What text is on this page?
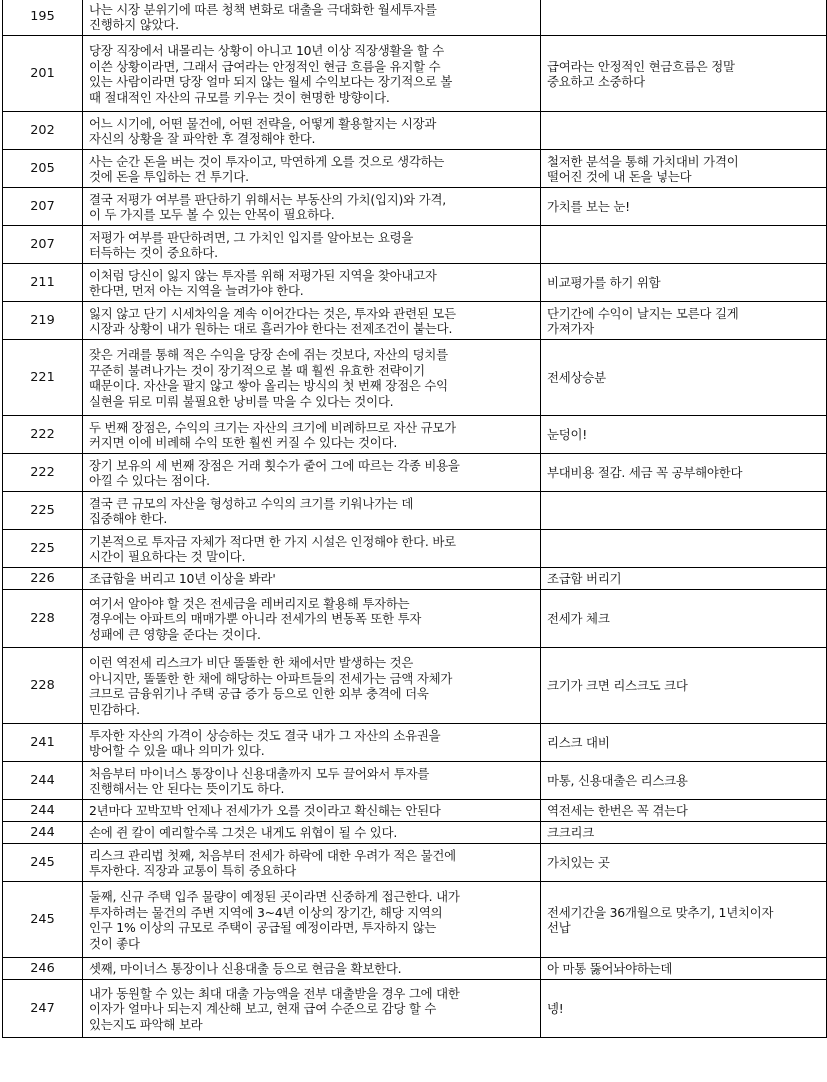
195	나는 시장 분위기에 따른 청책 변화로 대출을 극대화한 월세투자를
진행하지 않았다.	
201	당장 직장에서 내몰리는 상황이 아니고 10년 이상 직장생활을 할 수
이쓴 상황이라면, 그래서 급여라는 안정적인 현금 흐름을 유지할 수
있는 사람이라면 당장 얼마 되지 않는 월세 수익보다는 장기적으로 볼
때 절대적인 자산의 규모를 키우는 것이 현명한 방향이다.	급여라는 안정적인 현금흐름은 정말
중요하고 소중하다
202	어느 시기에, 어떤 물건에, 어떤 전략을, 어떻게 활용할지는 시장과
자신의 상황을 잘 파악한 후 결정해야 한다.	
205	사는 순간 돈을 버는 것이 투자이고, 막연하게 오를 것으로 생각하는
것에 돈을 투입하는 건 투기다.	철저한 분석을 통해 가치대비 가격이
떨어진 것에 내 돈을 넣는다
207	결국 저평가 여부를 판단하기 위해서는 부동산의 가치(입지)와 가격,
이 두 가지를 모두 볼 수 있는 안목이 필요하다.	가치를 보는 눈!
207	저평가 여부를 판단하려면, 그 가치인 입지를 알아보는 요령을
터득하는 것이 중요하다.	
211	이처럼 당신이 잃지 않는 투자를 위해 저평가된 지역을 찾아내고자
한다면, 먼저 아는 지역을 늘려가야 한다.	비교평가를 하기 위함
219	잃지 않고 단기 시세차익을 계속 이어간다는 것은, 투자와 관련된 모든
시장과 상황이 내가 원하는 대로 흘러가야 한다는 전제조건이 붙는다.	단기간에 수익이 날지는 모른다 길게
가져가자
221	잦은 거래를 통해 적은 수익을 당장 손에 쥐는 것보다, 자산의 덩치를
꾸준히 불려나가는 것이 장기적으로 볼 때 훨씬 유효한 전략이기
때문이다. 자산을 팔지 않고 쌓아 올리는 방식의 첫 번째 장점은 수익
실현을 뒤로 미뤄 불필요한 낭비를 막을 수 있다는 것이다.	전세상승분
222	두 번째 장점은, 수익의 크기는 자산의 크기에 비례하므로 자산 규모가
커지면 이에 비례해 수익 또한 훨씬 커질 수 있다는 것이다.	눈덩이!
222	장기 보유의 세 번째 장점은 거래 횟수가 줄어 그에 따르는 각종 비용을
아낄 수 있다는 점이다.	부대비용 절감. 세금 꼭 공부해야한다
225	결국 큰 규모의 자산을 형성하고 수익의 크기를 키워나가는 데
집중해야 한다.	
225	기본적으로 투자금 자체가 적다면 한 가지 시설은 인정해야 한다. 바로
시간이 필요하다는 것 말이다.	
226	조급함을 버리고 10년 이상을 봐라'	조급함 버리기
228	여기서 알아야 할 것은 전세금을 레버리지로 활용해 투자하는
경우에는 아파트의 매매가뿐 아니라 전세가의 변동폭 또한 투자
성패에 큰 영향을 준다는 것이다.	전세가 체크
228	이런 역전세 리스크가 비단 똘똘한 한 채에서만 발생하는 것은
아니지만, 똘똘한 한 채에 해당하는 아파트들의 전세가는 금액 자체가
크므로 금융위기나 주택 공급 증가 등으로 인한 외부 충격에 더욱
민감하다.	크기가 크면 리스크도 크다
241	투자한 자산의 가격이 상승하는 것도 결국 내가 그 자산의 소유권을
방어할 수 있을 때나 의미가 있다.	리스크 대비
244	처음부터 마이너스 통장이나 신용대출까지 모두 끌어와서 투자를
진행해서는 안 된다는 뜻이기도 하다.	마통, 신용대출은 리스크용
244	2년마다 꼬박꼬박 언제나 전세가가 오를 것이라고 확신해는 안된다	역전세는 한번은 꼭 겪는다
244	손에 쥔 칼이 예리할수록 그것은 내게도 위협이 될 수 있다.	크크리크
245	리스크 관리법 첫째, 처음부터 전세가 하락에 대한 우려가 적은 물건에
투자한다. 직장과 교통이 특히 중요하다	가치있는 곳
245	둘째, 신규 주택 입주 물량이 예정된 곳이라면 신중하게 접근한다. 내가
투자하려는 물건의 주변 지역에 3~4년 이상의 장기간, 해당 지역의
인구 1% 이상의 규모로 주택이 공급될 예정이라면, 투자하지 않는
것이 좋다	전세기간을 36개월으로 맞추기, 1년치이자
선납
246	셋째, 마이너스 통장이나 신용대출 등으로 현금을 확보한다.	아 마통 뚫어놔야하는데
247	내가 동원할 수 있는 최대 대출 가능액을 전부 대출받을 경우 그에 대한
이자가 얼마나 되는지 계산해 보고, 현재 급여 수준으로 감당 할 수
있는지도 파악해 보라	넹!
